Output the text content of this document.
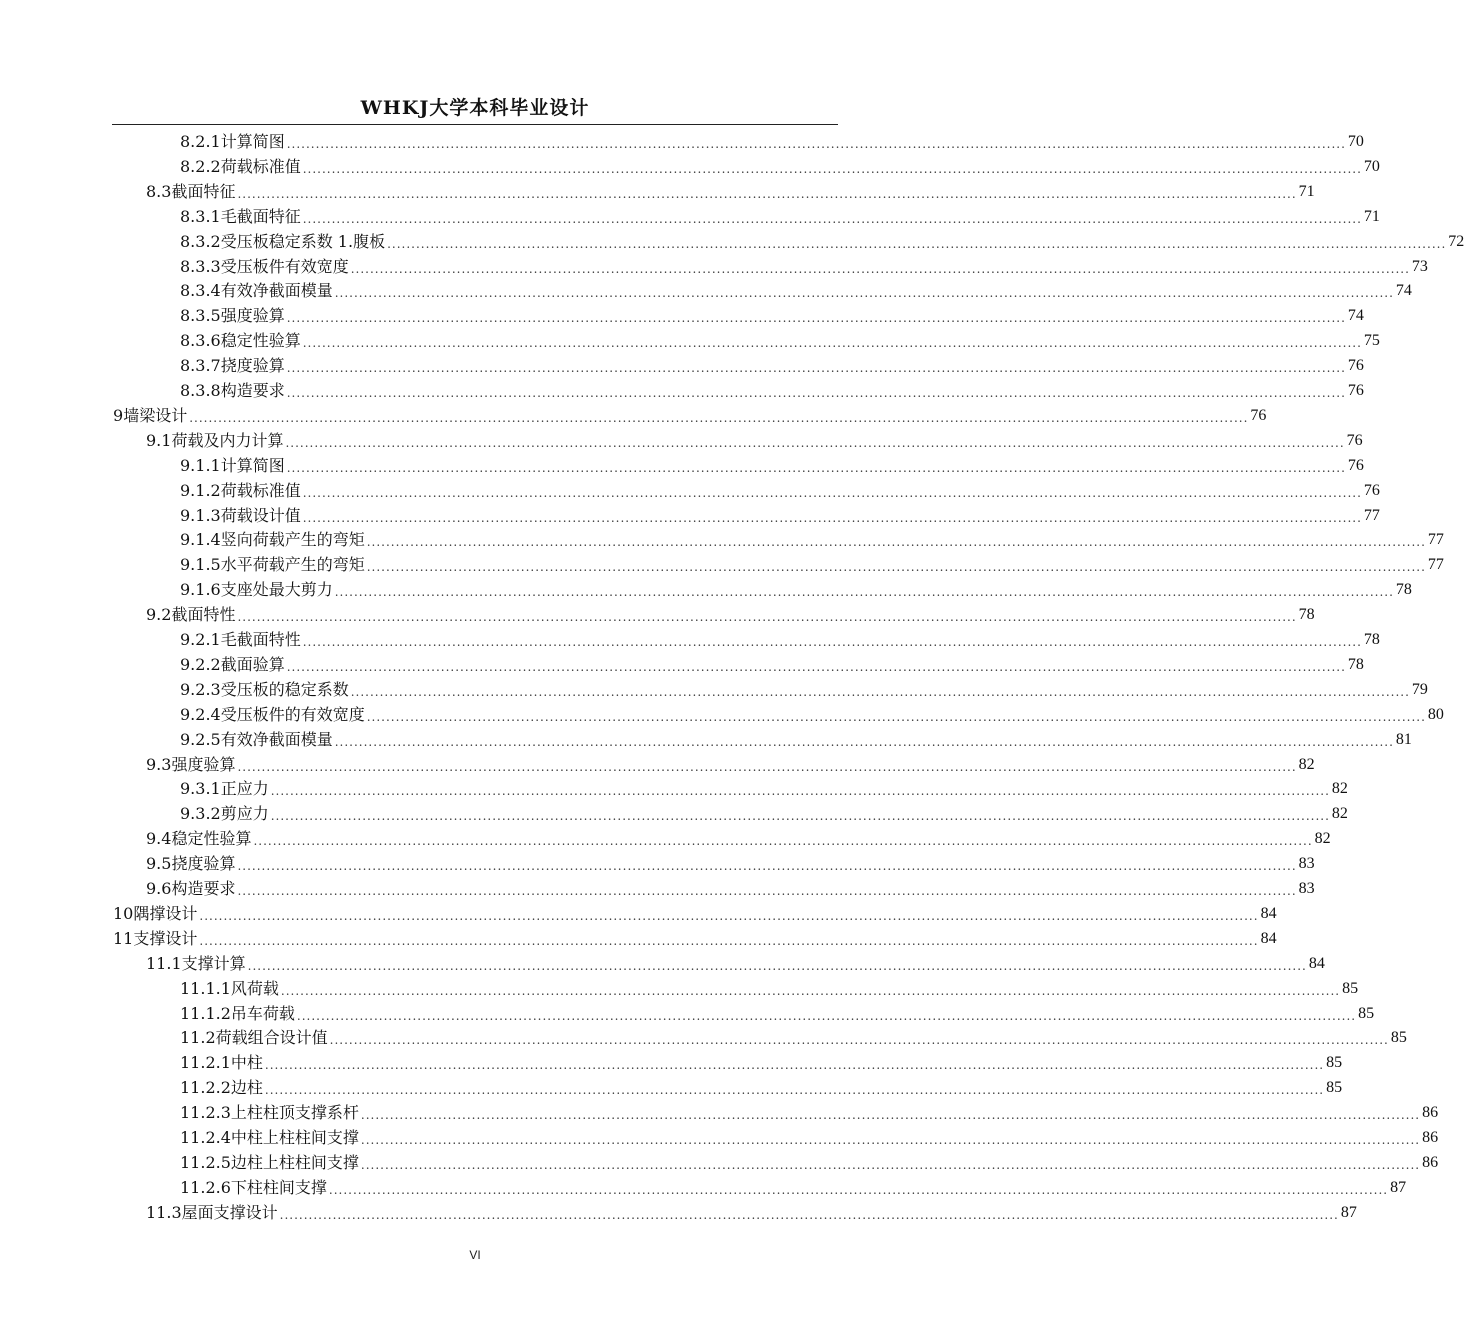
WHKJ大学本科毕业设计
8.2.1 计算简图 ............................................................................................................................................................................................................................ 70
8.2.2 荷载标准值 ............................................................................................................................................................................................................................ 70
8.3 截面特征 ............................................................................................................................................................................................................................ 71
8.3.1 毛截面特征 ............................................................................................................................................................................................................................ 71
8.3.2 受压板稳定系数 1.腹板 ............................................................................................................................................................................................................................ 72
8.3.3 受压板件有效宽度 ............................................................................................................................................................................................................................ 73
8.3.4 有效净截面模量 ............................................................................................................................................................................................................................ 74
8.3.5 强度验算 ............................................................................................................................................................................................................................ 74
8.3.6 稳定性验算 ............................................................................................................................................................................................................................ 75
8.3.7 挠度验算 ............................................................................................................................................................................................................................ 76
8.3.8 构造要求 ............................................................................................................................................................................................................................ 76
9 墙梁设计 ............................................................................................................................................................................................................................ 76
9.1 荷载及内力计算 ............................................................................................................................................................................................................................ 76
9.1.1 计算简图 ............................................................................................................................................................................................................................ 76
9.1.2 荷载标准值 ............................................................................................................................................................................................................................ 76
9.1.3 荷载设计值 ............................................................................................................................................................................................................................ 77
9.1.4 竖向荷载产生的弯矩 ............................................................................................................................................................................................................................ 77
9.1.5 水平荷载产生的弯矩 ............................................................................................................................................................................................................................ 77
9.1.6 支座处最大剪力 ............................................................................................................................................................................................................................ 78
9.2 截面特性 ............................................................................................................................................................................................................................ 78
9.2.1 毛截面特性 ............................................................................................................................................................................................................................ 78
9.2.2 截面验算 ............................................................................................................................................................................................................................ 78
9.2.3 受压板的稳定系数 ............................................................................................................................................................................................................................ 79
9.2.4 受压板件的有效宽度 ............................................................................................................................................................................................................................ 80
9.2.5 有效净截面模量 ............................................................................................................................................................................................................................ 81
9.3 强度验算 ............................................................................................................................................................................................................................ 82
9.3.1 正应力 ............................................................................................................................................................................................................................ 82
9.3.2 剪应力 ............................................................................................................................................................................................................................ 82
9.4 稳定性验算 ............................................................................................................................................................................................................................ 82
9.5 挠度验算 ............................................................................................................................................................................................................................ 83
9.6 构造要求 ............................................................................................................................................................................................................................ 83
10 隅撑设计 ............................................................................................................................................................................................................................ 84
11 支撑设计 ............................................................................................................................................................................................................................ 84
11.1 支撑计算 ............................................................................................................................................................................................................................ 84
11.1.1 风荷载 ............................................................................................................................................................................................................................ 85
11.1.2 吊车荷载 ............................................................................................................................................................................................................................ 85
11.2 荷载组合设计值 ............................................................................................................................................................................................................................ 85
11.2.1 中柱 ............................................................................................................................................................................................................................ 85
11.2.2 边柱 ............................................................................................................................................................................................................................ 85
11.2.3 上柱柱顶支撑系杆 ............................................................................................................................................................................................................................ 86
11.2.4 中柱上柱柱间支撑 ............................................................................................................................................................................................................................ 86
11.2.5 边柱上柱柱间支撑 ............................................................................................................................................................................................................................ 86
11.2.6 下柱柱间支撑 ............................................................................................................................................................................................................................ 87
11.3 屋面支撑设计 ............................................................................................................................................................................................................................ 87
VI
